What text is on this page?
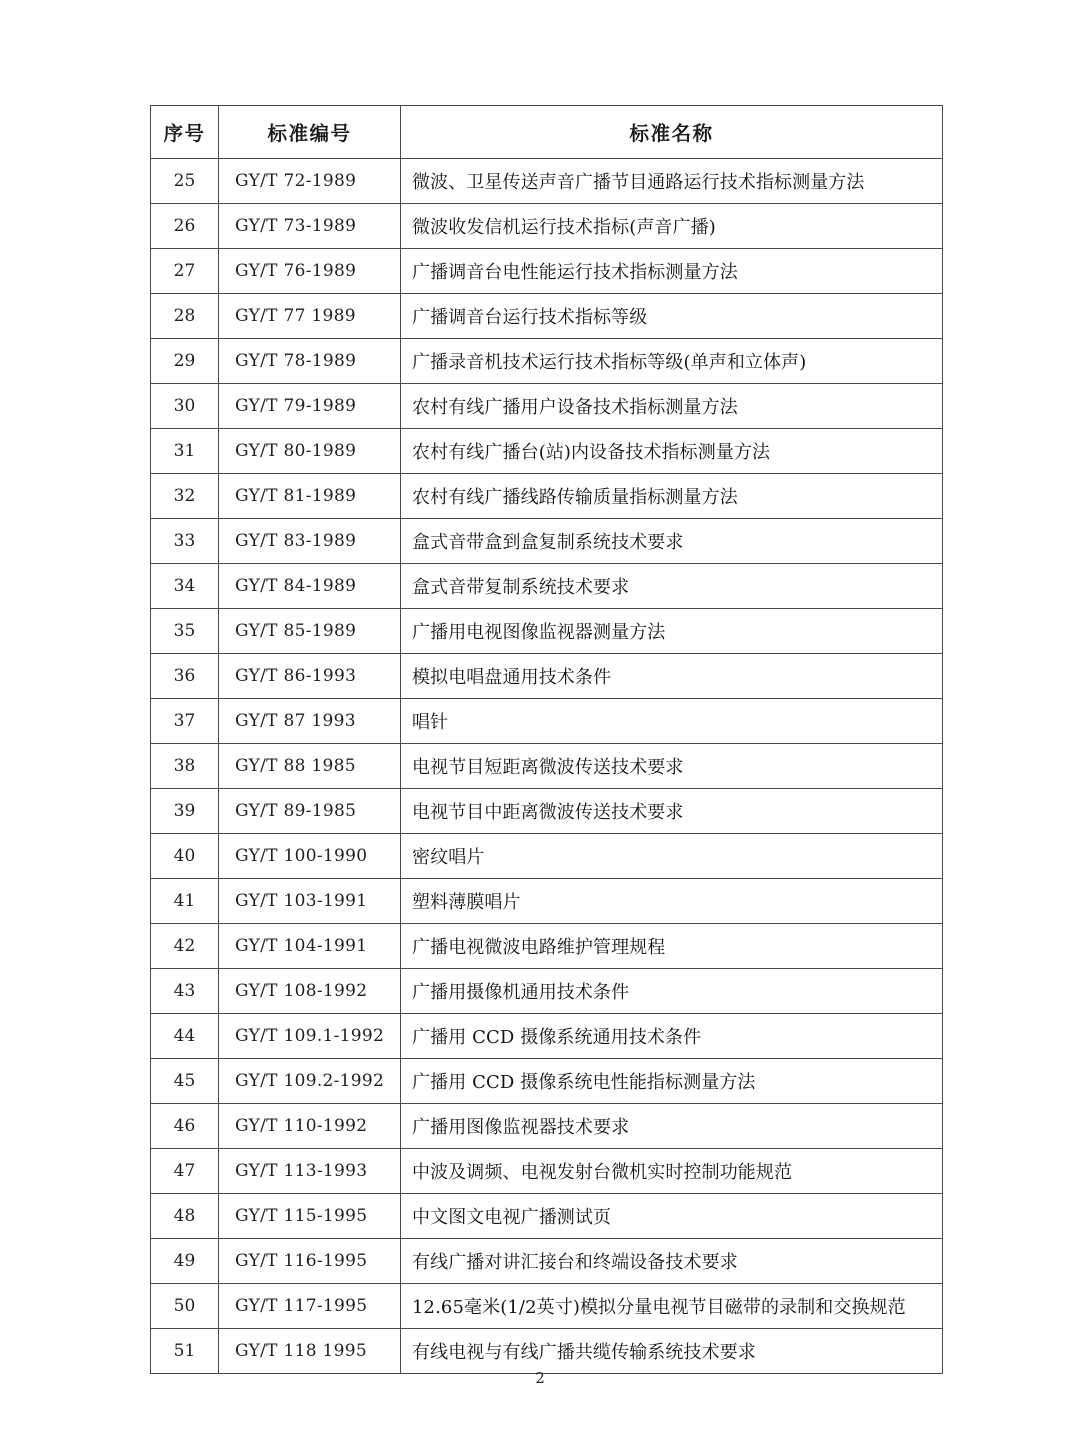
序号	标准编号	标准名称
25	GY/T 72-1989	微波、卫星传送声音广播节目通路运行技术指标测量方法
26	GY/T 73-1989	微波收发信机运行技术指标(声音广播)
27	GY/T 76-1989	广播调音台电性能运行技术指标测量方法
28	GY/T 77 1989	广播调音台运行技术指标等级
29	GY/T 78-1989	广播录音机技术运行技术指标等级(单声和立体声)
30	GY/T 79-1989	农村有线广播用户设备技术指标测量方法
31	GY/T 80-1989	农村有线广播台(站)内设备技术指标测量方法
32	GY/T 81-1989	农村有线广播线路传输质量指标测量方法
33	GY/T 83-1989	盒式音带盒到盒复制系统技术要求
34	GY/T 84-1989	盒式音带复制系统技术要求
35	GY/T 85-1989	广播用电视图像监视器测量方法
36	GY/T 86-1993	模拟电唱盘通用技术条件
37	GY/T 87 1993	唱针
38	GY/T 88 1985	电视节目短距离微波传送技术要求
39	GY/T 89-1985	电视节目中距离微波传送技术要求
40	GY/T 100-1990	密纹唱片
41	GY/T 103-1991	塑料薄膜唱片
42	GY/T 104-1991	广播电视微波电路维护管理规程
43	GY/T 108-1992	广播用摄像机通用技术条件
44	GY/T 109.1-1992	广播用 CCD 摄像系统通用技术条件
45	GY/T 109.2-1992	广播用 CCD 摄像系统电性能指标测量方法
46	GY/T 110-1992	广播用图像监视器技术要求
47	GY/T 113-1993	中波及调频、电视发射台微机实时控制功能规范
48	GY/T 115-1995	中文图文电视广播测试页
49	GY/T 116-1995	有线广播对讲汇接台和终端设备技术要求
50	GY/T 117-1995	12.65毫米(1/2英寸)模拟分量电视节目磁带的录制和交换规范
51	GY/T 118 1995	有线电视与有线广播共缆传输系统技术要求
2
